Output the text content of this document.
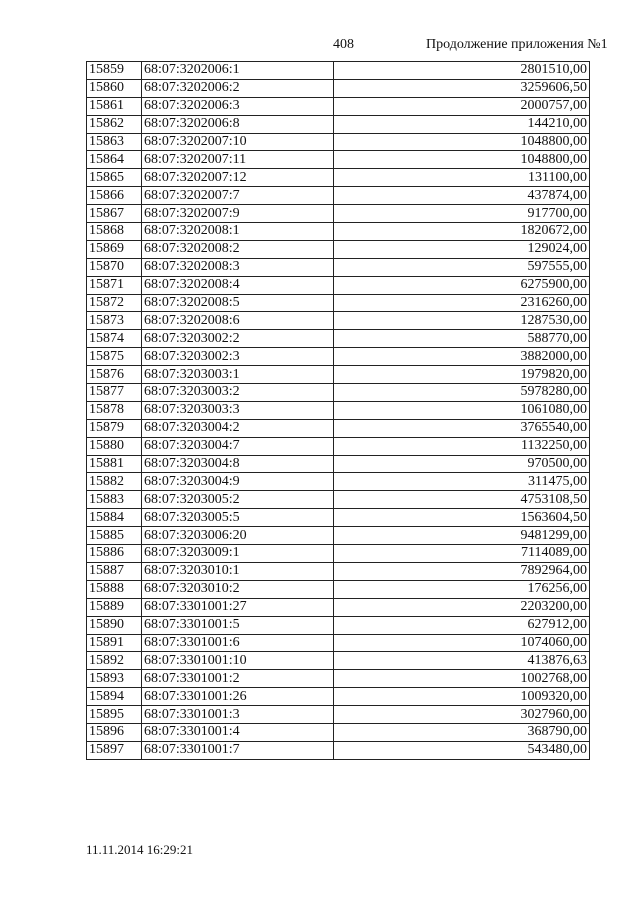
408	Продолжение приложения №1
15859	68:07:3202006:1	2801510,00
15860	68:07:3202006:2	3259606,50
15861	68:07:3202006:3	2000757,00
15862	68:07:3202006:8	144210,00
15863	68:07:3202007:10	1048800,00
15864	68:07:3202007:11	1048800,00
15865	68:07:3202007:12	131100,00
15866	68:07:3202007:7	437874,00
15867	68:07:3202007:9	917700,00
15868	68:07:3202008:1	1820672,00
15869	68:07:3202008:2	129024,00
15870	68:07:3202008:3	597555,00
15871	68:07:3202008:4	6275900,00
15872	68:07:3202008:5	2316260,00
15873	68:07:3202008:6	1287530,00
15874	68:07:3203002:2	588770,00
15875	68:07:3203002:3	3882000,00
15876	68:07:3203003:1	1979820,00
15877	68:07:3203003:2	5978280,00
15878	68:07:3203003:3	1061080,00
15879	68:07:3203004:2	3765540,00
15880	68:07:3203004:7	1132250,00
15881	68:07:3203004:8	970500,00
15882	68:07:3203004:9	311475,00
15883	68:07:3203005:2	4753108,50
15884	68:07:3203005:5	1563604,50
15885	68:07:3203006:20	9481299,00
15886	68:07:3203009:1	7114089,00
15887	68:07:3203010:1	7892964,00
15888	68:07:3203010:2	176256,00
15889	68:07:3301001:27	2203200,00
15890	68:07:3301001:5	627912,00
15891	68:07:3301001:6	1074060,00
15892	68:07:3301001:10	413876,63
15893	68:07:3301001:2	1002768,00
15894	68:07:3301001:26	1009320,00
15895	68:07:3301001:3	3027960,00
15896	68:07:3301001:4	368790,00
15897	68:07:3301001:7	543480,00
11.11.2014 16:29:21
